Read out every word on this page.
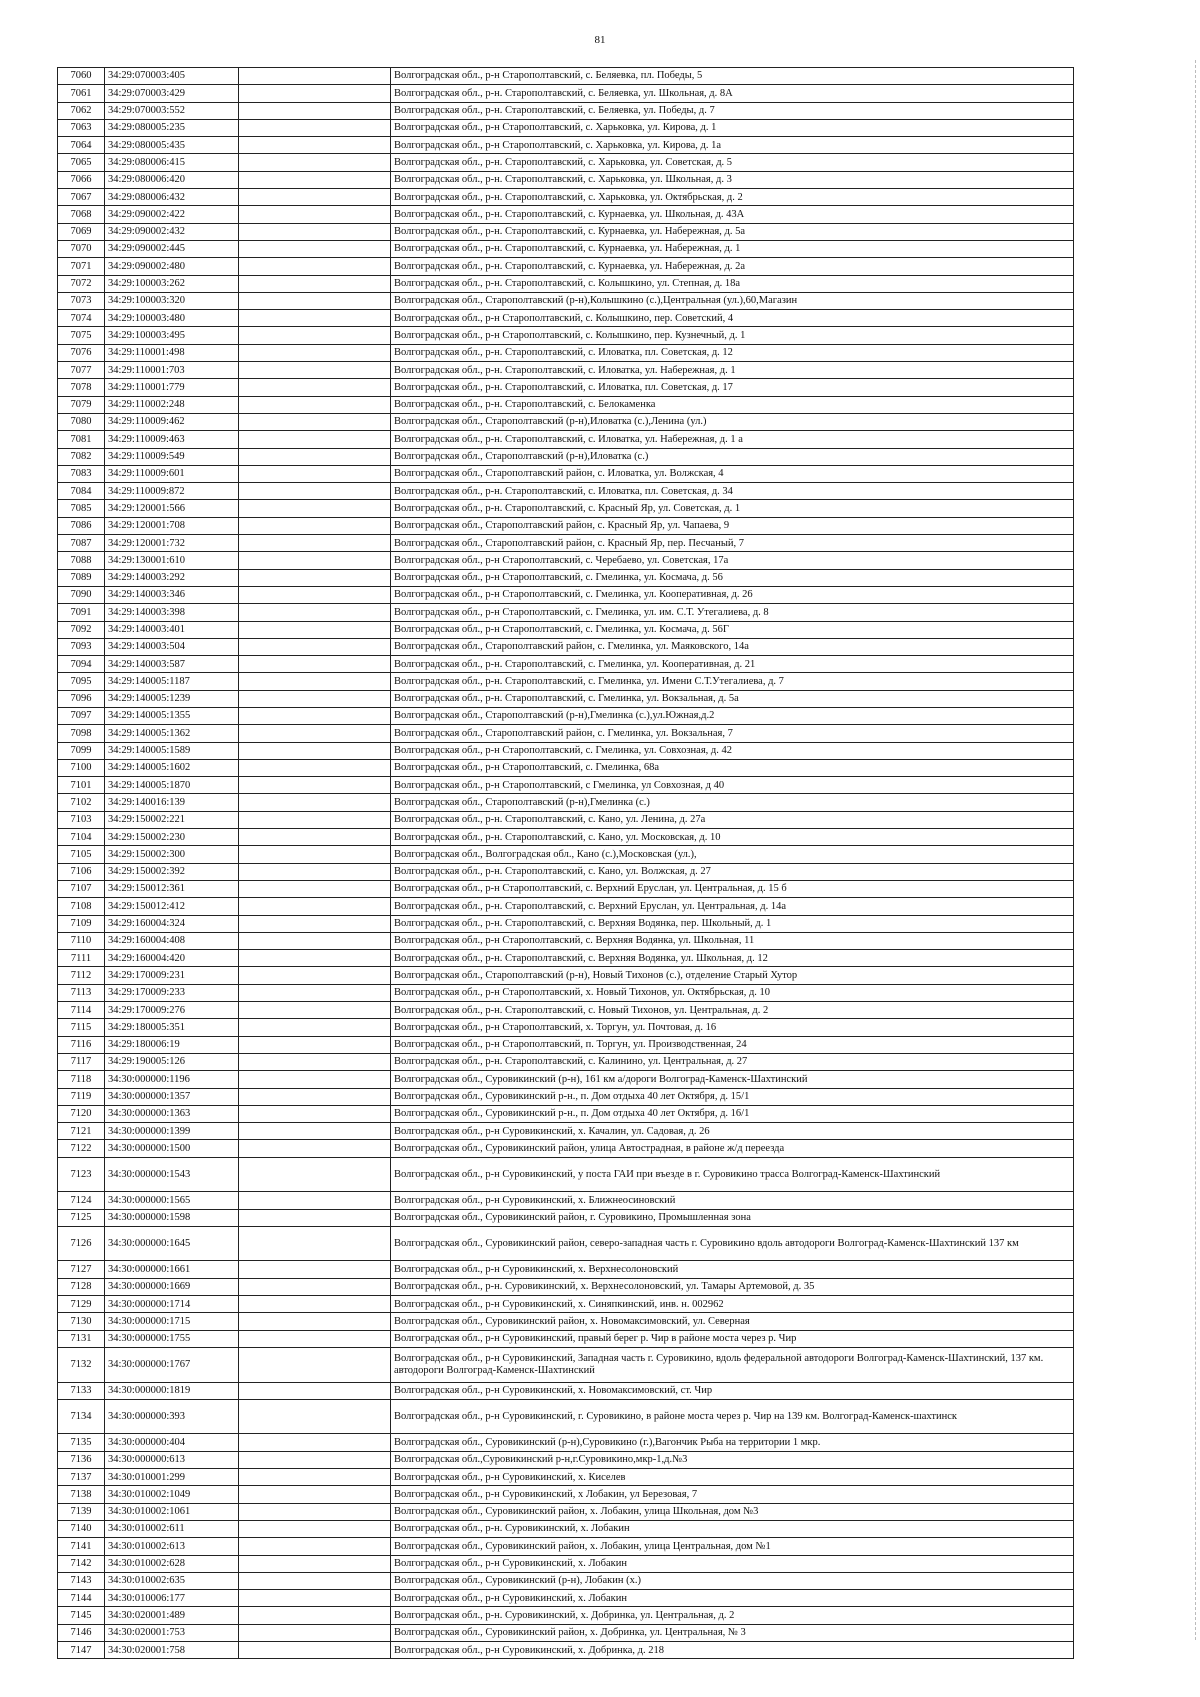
81
7060	34:29:070003:405		Волгоградская обл., р-н Старополтавский, с. Беляевка, пл. Победы, 5
7061	34:29:070003:429		Волгоградская обл., р-н. Старополтавский, с. Беляевка, ул. Школьная, д. 8А
7062	34:29:070003:552		Волгоградская обл., р-н. Старополтавский, с. Беляевка, ул. Победы, д. 7
7063	34:29:080005:235		Волгоградская обл., р-н Старополтавский, с. Харьковка, ул. Кирова, д. 1
7064	34:29:080005:435		Волгоградская обл., р-н Старополтавский, с. Харьковка, ул. Кирова, д. 1а
7065	34:29:080006:415		Волгоградская обл., р-н. Старополтавский, с. Харьковка, ул. Советская, д. 5
7066	34:29:080006:420		Волгоградская обл., р-н. Старополтавский, с. Харьковка, ул. Школьная, д. 3
7067	34:29:080006:432		Волгоградская обл., р-н. Старополтавский, с. Харьковка, ул. Октябрьская, д. 2
7068	34:29:090002:422		Волгоградская обл., р-н. Старополтавский, с. Курнаевка, ул. Школьная, д. 43А
7069	34:29:090002:432		Волгоградская обл., р-н. Старополтавский, с. Курнаевка, ул. Набережная, д. 5а
7070	34:29:090002:445		Волгоградская обл., р-н. Старополтавский, с. Курнаевка, ул. Набережная, д. 1
7071	34:29:090002:480		Волгоградская обл., р-н. Старополтавский, с. Курнаевка, ул. Набережная, д. 2а
7072	34:29:100003:262		Волгоградская обл., р-н. Старополтавский, с. Колышкино, ул. Степная, д. 18а
7073	34:29:100003:320		Волгоградская обл., Старополтавский (р-н),Колышкино (с.),Центральная (ул.),60,Магазин
7074	34:29:100003:480		Волгоградская обл., р-н Старополтавский, с. Колышкино, пер. Советский, 4
7075	34:29:100003:495		Волгоградская обл., р-н Старополтавский, с. Колышкино, пер. Кузнечный, д. 1
7076	34:29:110001:498		Волгоградская обл., р-н. Старополтавский, с. Иловатка, пл. Советская, д. 12
7077	34:29:110001:703		Волгоградская обл., р-н. Старополтавский, с. Иловатка, ул. Набережная, д. 1
7078	34:29:110001:779		Волгоградская обл., р-н. Старополтавский, с. Иловатка, пл. Советская, д. 17
7079	34:29:110002:248		Волгоградская обл., р-н. Старополтавский, с. Белокаменка
7080	34:29:110009:462		Волгоградская обл., Старополтавский (р-н),Иловатка (с.),Ленина (ул.)
7081	34:29:110009:463		Волгоградская обл., р-н. Старополтавский, с. Иловатка, ул. Набережная, д. 1 а
7082	34:29:110009:549		Волгоградская обл., Старополтавский (р-н),Иловатка (с.)
7083	34:29:110009:601		Волгоградская обл., Старополтавский район, с. Иловатка, ул. Волжская, 4
7084	34:29:110009:872		Волгоградская обл., р-н. Старополтавский, с. Иловатка, пл. Советская, д. 34
7085	34:29:120001:566		Волгоградская обл., р-н. Старополтавский, с. Красный Яр, ул. Советская, д. 1
7086	34:29:120001:708		Волгоградская обл., Старополтавский район, с. Красный Яр, ул. Чапаева, 9
7087	34:29:120001:732		Волгоградская обл., Старополтавский район, с. Красный Яр, пер. Песчаный, 7
7088	34:29:130001:610		Волгоградская обл., р-н Старополтавский, с. Черебаево, ул. Советская, 17а
7089	34:29:140003:292		Волгоградская обл., р-н Старополтавский, с. Гмелинка, ул. Космача, д. 56
7090	34:29:140003:346		Волгоградская обл., р-н Старополтавский, с. Гмелинка, ул. Кооперативная, д. 26
7091	34:29:140003:398		Волгоградская обл., р-н Старополтавский, с. Гмелинка, ул. им. С.Т. Утегалиева, д. 8
7092	34:29:140003:401		Волгоградская обл., р-н Старополтавский, с. Гмелинка, ул. Космача, д. 56Г
7093	34:29:140003:504		Волгоградская обл., Старополтавский район, с. Гмелинка, ул. Маяковского, 14а
7094	34:29:140003:587		Волгоградская обл., р-н. Старополтавский, с. Гмелинка, ул. Кооперативная, д. 21
7095	34:29:140005:1187		Волгоградская обл., р-н. Старополтавский, с. Гмелинка, ул. Имени С.Т.Утегалиева, д. 7
7096	34:29:140005:1239		Волгоградская обл., р-н. Старополтавский, с. Гмелинка, ул. Вокзальная, д. 5а
7097	34:29:140005:1355		Волгоградская обл., Старополтавский (р-н),Гмелинка (с.),ул.Южная,д.2
7098	34:29:140005:1362		Волгоградская обл., Старополтавский район, с. Гмелинка, ул. Вокзальная, 7
7099	34:29:140005:1589		Волгоградская обл., р-н Старополтавский, с. Гмелинка, ул. Совхозная, д. 42
7100	34:29:140005:1602		Волгоградская обл., р-н Старополтавский, с. Гмелинка, 68а
7101	34:29:140005:1870		Волгоградская обл., р-н Старополтавский, с Гмелинка, ул Совхозная, д 40
7102	34:29:140016:139		Волгоградская обл., Старополтавский (р-н),Гмелинка (с.)
7103	34:29:150002:221		Волгоградская обл., р-н. Старополтавский, с. Кано, ул. Ленина, д. 27а
7104	34:29:150002:230		Волгоградская обл., р-н. Старополтавский, с. Кано, ул. Московская, д. 10
7105	34:29:150002:300		Волгоградская обл., Волгоградская обл., Кано (с.),Московская (ул.),
7106	34:29:150002:392		Волгоградская обл., р-н. Старополтавский, с. Кано, ул. Волжская, д. 27
7107	34:29:150012:361		Волгоградская обл., р-н Старополтавский, с. Верхний Еруслан, ул. Центральная, д. 15 б
7108	34:29:150012:412		Волгоградская обл., р-н. Старополтавский, с. Верхний Еруслан, ул. Центральная, д. 14а
7109	34:29:160004:324		Волгоградская обл., р-н. Старополтавский, с. Верхняя Водянка, пер. Школьный, д. 1
7110	34:29:160004:408		Волгоградская обл., р-н Старополтавский, с. Верхняя Водянка, ул. Школьная, 11
7111	34:29:160004:420		Волгоградская обл., р-н. Старополтавский, с. Верхняя Водянка, ул. Школьная, д. 12
7112	34:29:170009:231		Волгоградская обл., Старополтавский (р-н), Новый Тихонов (с.), отделение Старый Хутор
7113	34:29:170009:233		Волгоградская обл., р-н Старополтавский, х. Новый Тихонов, ул. Октябрьская, д. 10
7114	34:29:170009:276		Волгоградская обл., р-н. Старополтавский, с. Новый Тихонов, ул. Центральная, д. 2
7115	34:29:180005:351		Волгоградская обл., р-н Старополтавский, х. Торгун, ул. Почтовая, д. 16
7116	34:29:180006:19		Волгоградская обл., р-н Старополтавский, п. Торгун, ул. Производственная, 24
7117	34:29:190005:126		Волгоградская обл., р-н. Старополтавский, с. Калинино, ул. Центральная, д. 27
7118	34:30:000000:1196		Волгоградская обл., Суровикинский (р-н), 161 км а/дороги Волгоград-Каменск-Шахтинский
7119	34:30:000000:1357		Волгоградская обл., Суровикинский р-н., п. Дом отдыха 40 лет Октября, д. 15/1
7120	34:30:000000:1363		Волгоградская обл., Суровикинский р-н., п. Дом отдыха 40 лет Октября, д. 16/1
7121	34:30:000000:1399		Волгоградская обл., р-н Суровикинский, х. Качалин, ул. Садовая, д. 26
7122	34:30:000000:1500		Волгоградская обл., Суровикинский район, улица Автострадная, в районе ж/д переезда
7123	34:30:000000:1543		Волгоградская обл., р-н Суровикинский, у поста ГАИ при въезде в г. Суровикино трасса Волгоград-Каменск-Шахтинский
7124	34:30:000000:1565		Волгоградская обл., р-н Суровикинский, х. Ближнеосиновский
7125	34:30:000000:1598		Волгоградская обл., Суровикинский район, г. Суровикино, Промышленная зона
7126	34:30:000000:1645		Волгоградская обл., Суровикинский район, северо-западная часть г. Суровикино вдоль автодороги Волгоград-Каменск-Шахтинский 137 км
7127	34:30:000000:1661		Волгоградская обл., р-н Суровикинский, х. Верхнесолоновский
7128	34:30:000000:1669		Волгоградская обл., р-н. Суровикинский, х. Верхнесолоновский, ул. Тамары Артемовой, д. 35
7129	34:30:000000:1714		Волгоградская обл., р-н Суровикинский, х. Синяпкинский, инв. н. 002962
7130	34:30:000000:1715		Волгоградская обл., Суровикинский район, х. Новомаксимовский, ул. Северная
7131	34:30:000000:1755		Волгоградская обл., р-н Суровикинский, правый берег р. Чир в районе моста через р. Чир
7132	34:30:000000:1767		Волгоградская обл., р-н Суровикинский, Западная часть г. Суровикино, вдоль федеральной автодороги Волгоград-Каменск-Шахтинский, 137 км. автодороги Волгоград-Каменск-Шахтинский
7133	34:30:000000:1819		Волгоградская обл., р-н Суровикинский, х. Новомаксимовский, ст. Чир
7134	34:30:000000:393		Волгоградская обл., р-н Суровикинский, г. Суровикино, в районе моста через р. Чир на 139 км. Волгоград-Каменск-шахтинск
7135	34:30:000000:404		Волгоградская обл., Суровикинский (р-н),Суровикино (г.),Вагончик Рыба на территории 1 мкр.
7136	34:30:000000:613		Волгоградская обл.,Суровикинский р-н,г.Суровикино,мкр-1,д.№3
7137	34:30:010001:299		Волгоградская обл., р-н Суровикинский, х. Киселев
7138	34:30:010002:1049		Волгоградская обл., р-н Суровикинский, х Лобакин, ул Березовая, 7
7139	34:30:010002:1061		Волгоградская обл., Суровикинский район, х. Лобакин, улица Школьная, дом №3
7140	34:30:010002:611		Волгоградская обл., р-н. Суровикинский, х. Лобакин
7141	34:30:010002:613		Волгоградская обл., Суровикинский район, х. Лобакин, улица Центральная, дом №1
7142	34:30:010002:628		Волгоградская обл., р-н Суровикинский, х. Лобакин
7143	34:30:010002:635		Волгоградская обл., Суровикинский (р-н), Лобакин (х.)
7144	34:30:010006:177		Волгоградская обл., р-н Суровикинский, х. Лобакин
7145	34:30:020001:489		Волгоградская обл., р-н. Суровикинский, х. Добринка, ул. Центральная, д. 2
7146	34:30:020001:753		Волгоградская обл., Суровикинский район, х. Добринка, ул. Центральная, № 3
7147	34:30:020001:758		Волгоградская обл., р-н Суровикинский, х. Добринка, д. 218
